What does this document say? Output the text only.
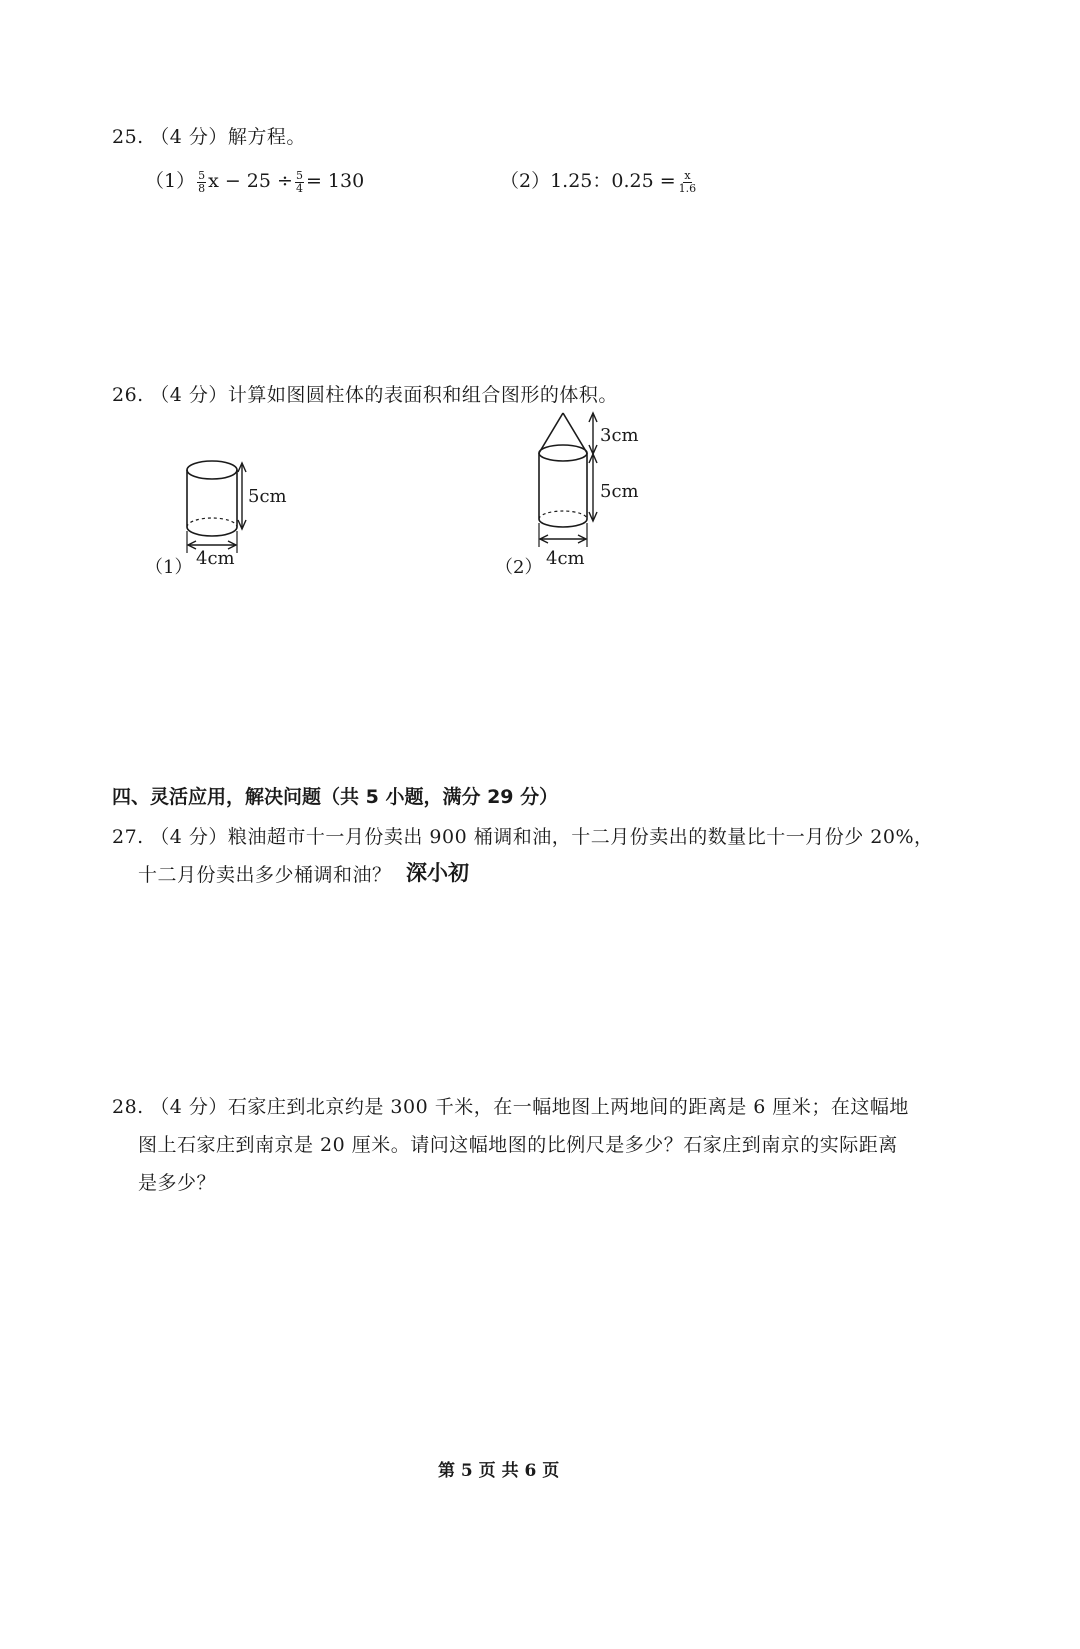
25. （4 分）解方程。
$(1) \frac{5}{8}$ $x - 25 \div \frac{5}{4} = 130$	（2）1.25：$0.25 = \frac{x}{1.6}$
26. （4 分）计算如图圆柱体的表面积和组合图形的体积。
5cm
4cm
（1）
3cm
5cm
4cm
（2）
四、灵活应用，解决问题（共 5 小题，满分 29 分）
27. （4 分）粮油超市十一月份卖出 900 桶调和油，十二月份卖出的数量比十一月份少 20%，
十二月份卖出多少桶调和油？ 深小初
28. （4 分）石家庄到北京约是 300 千米，在一幅地图上两地间的距离是 6 厘米；在这幅地
图上石家庄到南京是 20 厘米。请问这幅地图的比例尺是多少？石家庄到南京的实际距离
是多少？
第 5 页 共 6 页
